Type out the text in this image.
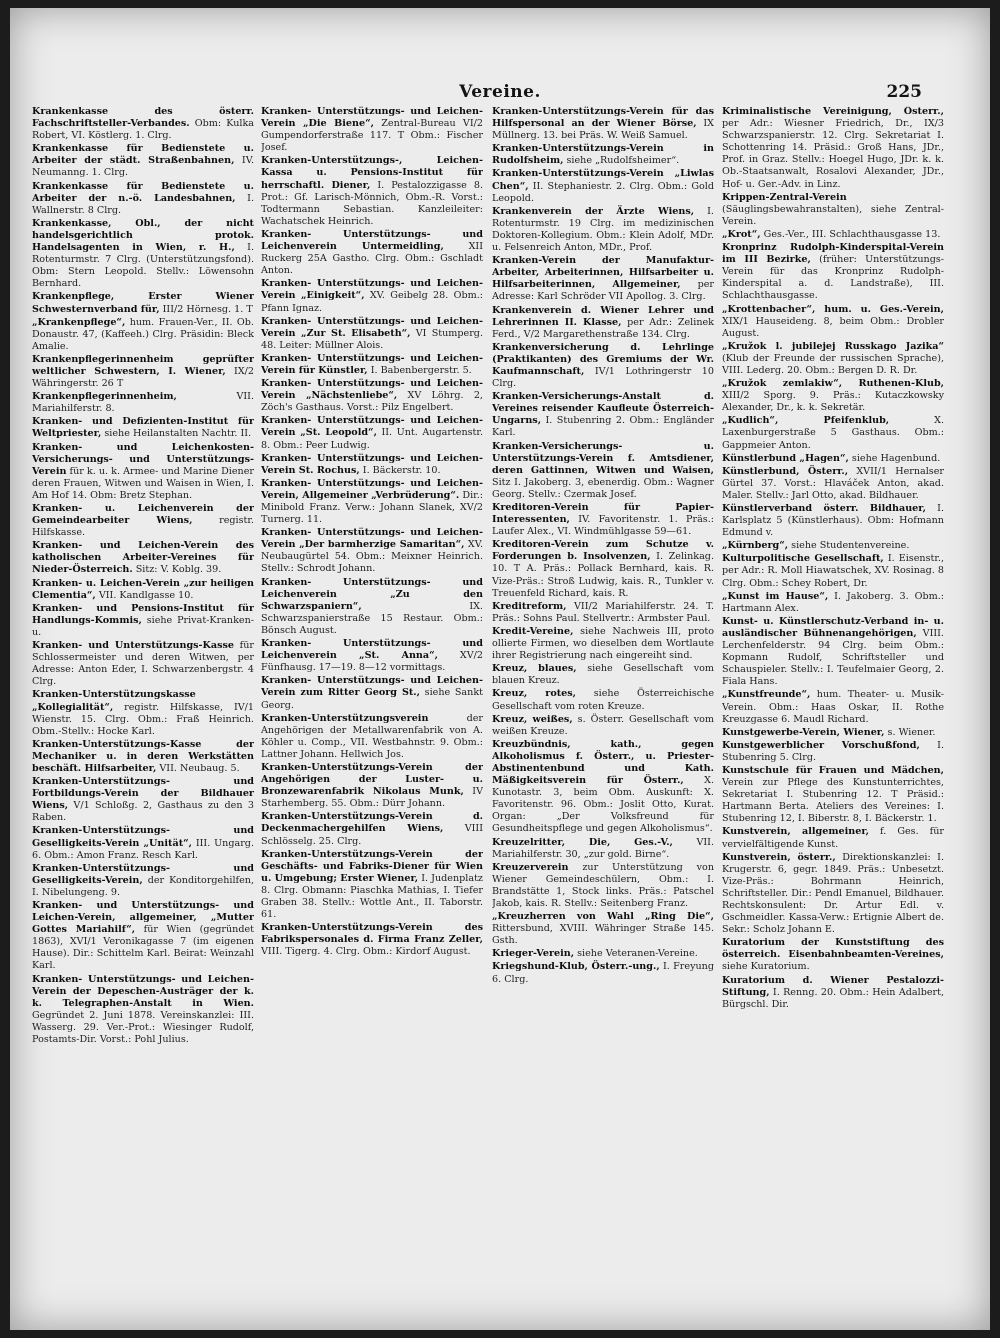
Vereine.	225
Krankenkasse des österr. Fachschriftsteller-Verbandes. Obm: Kulka Robert, VI. Köstlerg. 1. Clrg.
Krankenkasse für Bedienstete u. Arbeiter der städt. Straßenbahnen, IV. Neumanng. 1. Clrg.
Krankenkasse für Bedienstete u. Arbeiter der n.-ö. Landesbahnen, I. Wallnerstr. 8 Clrg.
Krankenkasse, Obl., der nicht handelsgerichtlich protok. Handelsagenten in Wien, r. H., I. Rotenturmstr. 7 Clrg. (Unterstützungsfond). Obm: Stern Leopold. Stellv.: Löwensohn Bernhard.
Krankenpflege, Erster Wiener Schwesternverband für, III/2 Hörnesg. 1. T
„Krankenpflege“, hum. Frauen-Ver., II. Ob. Donaustr. 47, (Kaffeeh.) Clrg. Präsidin: Bleck Amalie.
Krankenpflegerinnenheim geprüfter weltlicher Schwestern, I. Wiener, IX/2 Währingerstr. 26 T
Krankenpflegerinnenheim, VII. Mariahilferstr. 8.
Kranken- und Defizienten-Institut für Weltpriester, siehe Heilanstalten Nachtr. II.
Kranken- und Leichenkosten-Versicherungs- und Unterstützungs-Verein für k. u. k. Armee- und Marine Diener deren Frauen, Witwen und Waisen in Wien, I. Am Hof 14. Obm: Bretz Stephan.
Kranken- u. Leichenverein der Gemeindearbeiter Wiens, registr. Hilfskasse.
Kranken- und Leichen-Verein des katholischen Arbeiter-Vereines für Nieder-Österreich. Sitz: V. Koblg. 39.
Kranken- u. Leichen-Verein „zur heiligen Clementia“, VII. Kandlgasse 10.
Kranken- und Pensions-Institut für Handlungs-Kommis, siehe Privat-Kranken- u.
Kranken- und Unterstützungs-Kasse für Schlossermeister und deren Witwen, per Adresse: Anton Eder, I. Schwarzenbergstr. 4 Clrg.
Kranken-Unterstützungskasse „Kollegialität“, registr. Hilfskasse, IV/1 Wienstr. 15. Clrg. Obm.: Fraß Heinrich. Obm.-Stellv.: Hocke Karl.
Kranken-Unterstützungs-Kasse der Mechaniker u. in deren Werkstätten beschäft. Hilfsarbeiter, VII. Neubaug. 5.
Kranken-Unterstützungs- und Fortbildungs-Verein der Bildhauer Wiens, V/1 Schloßg. 2, Gasthaus zu den 3 Raben.
Kranken-Unterstützungs- und Geselligkeits-Verein „Unität“, III. Ungarg. 6. Obm.: Amon Franz. Resch Karl.
Kranken-Unterstützungs- und Geselligkeits-Verein, der Konditorgehilfen, I. Nibelungeng. 9.
Kranken- und Unterstützungs- und Leichen-Verein, allgemeiner, „Mutter Gottes Mariahilf“, für Wien (gegründet 1863), XVI/1 Veronikagasse 7 (im eigenen Hause). Dir.: Schittelm Karl. Beirat: Weinzahl Karl.
Kranken- Unterstützungs- und Leichen-Verein der Depeschen-Austräger der k. k. Telegraphen-Anstalt in Wien. Gegründet 2. Juni 1878. Vereinskanzlei: III. Wasserg. 29. Ver.-Prot.: Wiesinger Rudolf, Postamts-Dir. Vorst.: Pohl Julius.
Kranken- Unterstützungs- und Leichen-Verein „Die Biene“, Zentral-Bureau VI/2 Gumpendorferstraße 117. T Obm.: Fischer Josef.
Kranken-Unterstützungs-, Leichen-Kassa u. Pensions-Institut für herrschaftl. Diener, I. Pestalozzigasse 8. Prot.: Gf. Larisch-Mönnich, Obm.-R. Vorst.: Todtermann Sebastian. Kanzleileiter: Wachatschek Heinrich.
Kranken- Unterstützungs- und Leichenverein Untermeidling, XII Ruckerg 25A Gastho. Clrg. Obm.: Gschladt Anton.
Kranken- Unterstützungs- und Leichen-Verein „Einigkeit“, XV. Geibelg 28. Obm.: Pfann Ignaz.
Kranken- Unterstützungs- und Leichen-Verein „Zur St. Elisabeth“, VI Stumperg. 48. Leiter: Müllner Alois.
Kranken- Unterstützungs- und Leichen-Verein für Künstler, I. Babenbergerstr. 5.
Kranken- Unterstützungs- und Leichen-Verein „Nächstenliebe“, XV Löhrg. 2, Zöch's Gasthaus. Vorst.: Pilz Engelbert.
Kranken- Unterstützungs- und Leichen-Verein „St. Leopold“, II. Unt. Augartenstr. 8. Obm.: Peer Ludwig.
Kranken- Unterstützungs- und Leichen-Verein St. Rochus, I. Bäckerstr. 10.
Kranken- Unterstützungs- und Leichen-Verein, Allgemeiner „Verbrüderung“. Dir.: Minibold Franz. Verw.: Johann Slanek, XV/2 Turnerg. 11.
Kranken- Unterstützungs- und Leichen-Verein „Der barmherzige Samaritan“, XV. Neubaugürtel 54. Obm.: Meixner Heinrich. Stellv.: Schrodt Johann.
Kranken- Unterstützungs- und Leichenverein „Zu den Schwarzspaniern“, IX. Schwarzspanierstraße 15 Restaur. Obm.: Bönsch August.
Kranken- Unterstützungs- und Leichenverein „St. Anna“, XV/2 Fünfhausg. 17—19. 8—12 vormittags.
Kranken- Unterstützungs- und Leichen-Verein zum Ritter Georg St., siehe Sankt Georg.
Kranken-Unterstützungsverein der Angehörigen der Metallwarenfabrik von A. Köhler u. Comp., VII. Westbahnstr. 9. Obm.: Lattner Johann. Hellwich Jos.
Kranken-Unterstützungs-Verein der Angehörigen der Luster- u. Bronzewarenfabrik Nikolaus Munk, IV Starhemberg. 55. Obm.: Dürr Johann.
Kranken-Unterstützungs-Verein d. Deckenmachergehilfen Wiens, VIII Schlösselg. 25. Clrg.
Kranken-Unterstützungs-Verein der Geschäfts- und Fabriks-Diener für Wien u. Umgebung; Erster Wiener, I. Judenplatz 8. Clrg. Obmann: Piaschka Mathias, I. Tiefer Graben 38. Stellv.: Wottle Ant., II. Taborstr. 61.
Kranken-Unterstützungs-Verein des Fabrikspersonales d. Firma Franz Zeller, VIII. Tigerg. 4. Clrg. Obm.: Kirdorf August.
Kranken-Unterstützungs-Verein für das Hilfspersonal an der Wiener Börse, IX Müllnerg. 13. bei Präs. W. Weiß Samuel.
Kranken-Unterstützungs-Verein in Rudolfsheim, siehe „Rudolfsheimer“.
Kranken-Unterstützungs-Verein „Liwlas Chen“, II. Stephaniestr. 2. Clrg. Obm.: Gold Leopold.
Krankenverein der Ärzte Wiens, I. Rotenturmstr. 19 Clrg. im medizinischen Doktoren-Kollegium. Obm.: Klein Adolf, MDr. u. Felsenreich Anton, MDr., Prof.
Kranken-Verein der Manufaktur-Arbeiter, Arbeiterinnen, Hilfsarbeiter u. Hilfsarbeiterinnen, Allgemeiner, per Adresse: Karl Schröder VII Apollog. 3. Clrg.
Krankenverein d. Wiener Lehrer und Lehrerinnen II. Klasse, per Adr.: Zelinek Ferd., V/2 Margarethenstraße 134. Clrg.
Krankenversicherung d. Lehrlinge (Praktikanten) des Gremiums der Wr. Kaufmannschaft, IV/1 Lothringerstr 10 Clrg.
Kranken-Versicherungs-Anstalt d. Vereines reisender Kaufleute Österreich-Ungarns, I. Stubenring 2. Obm.: Engländer Karl.
Kranken-Versicherungs- u. Unterstützungs-Verein f. Amtsdiener, deren Gattinnen, Witwen und Waisen, Sitz I. Jakoberg. 3, ebenerdig. Obm.: Wagner Georg. Stellv.: Czermak Josef.
Kreditoren-Verein für Papier-Interessenten, IV. Favoritenstr. 1. Präs.: Laufer Alex., VI. Windmühlgasse 59—61.
Kreditoren-Verein zum Schutze v. Forderungen b. Insolvenzen, I. Zelinkag. 10. T A. Präs.: Pollack Bernhard, kais. R. Vize-Präs.: Stroß Ludwig, kais. R., Tunkler v. Treuenfeld Richard, kais. R.
Kreditreform, VII/2 Mariahilferstr. 24. T. Präs.: Sohns Paul. Stellvertr.: Armbster Paul.
Kredit-Vereine, siehe Nachweis III, proto ollierte Firmen, wo dieselben dem Wortlaute ihrer Registrierung nach eingereiht sind.
Kreuz, blaues, siehe Gesellschaft vom blauen Kreuz.
Kreuz, rotes, siehe Österreichische Gesellschaft vom roten Kreuze.
Kreuz, weißes, s. Österr. Gesellschaft vom weißen Kreuze.
Kreuzbündnis, kath., gegen Alkoholismus f. Österr., u. Priester-Abstinentenbund und Kath. Mäßigkeitsverein für Österr., X. Kunotastr. 3, beim Obm. Auskunft: X. Favoritenstr. 96. Obm.: Joslit Otto, Kurat. Organ: „Der Volksfreund für Gesundheitspflege und gegen Alkoholismus“.
Kreuzelritter, Die, Ges.-V., VII. Mariahilferstr. 30, „zur gold. Birne“.
Kreuzerverein zur Unterstützung von Wiener Gemeindeschülern, Obm.: I. Brandstätte 1, Stock links. Präs.: Patschel Jakob, kais. R. Stellv.: Seitenberg Franz.
„Kreuzherren von Wahl „Ring Die“, Rittersbund, XVIII. Währinger Straße 145. Gsth.
Krieger-Verein, siehe Veteranen-Vereine.
Kriegshund-Klub, Österr.-ung., I. Freyung 6. Clrg.
Kriminalistische Vereinigung, Österr., per Adr.: Wiesner Friedrich, Dr., IX/3 Schwarzspanierstr. 12. Clrg. Sekretariat I. Schottenring 14. Präsid.: Groß Hans, JDr., Prof. in Graz. Stellv.: Hoegel Hugo, JDr. k. k. Ob.-Staatsanwalt, Rosalovi Alexander, JDr., Hof- u. Ger.-Adv. in Linz.
Krippen-Zentral-Verein (Säuglingsbewahranstalten), siehe Zentral-Verein.
„Krot“, Ges.-Ver., III. Schlachthausgasse 13.
Kronprinz Rudolph-Kinderspital-Verein im III Bezirke, (früher: Unterstützungs-Verein für das Kronprinz Rudolph-Kinderspital a. d. Landstraße), III. Schlachthausgasse.
„Krottenbacher“, hum. u. Ges.-Verein, XIX/1 Hauseideng. 8, beim Obm.: Drobler August.
„Kružok l. jubilejej Russkago Jazika“ (Klub der Freunde der russischen Sprache), VIII. Lederg. 20. Obm.: Bergen D. R. Dr.
„Kružok zemlakiw“, Ruthenen-Klub, XIII/2 Sporg. 9. Präs.: Kutaczkowsky Alexander, Dr., k. k. Sekretär.
„Kudlich“, Pfeifenklub, X. Laxenburgerstraße 5 Gasthaus. Obm.: Gappmeier Anton.
Künstlerbund „Hagen“, siehe Hagenbund.
Künstlerbund, Österr., XVII/1 Hernalser Gürtel 37. Vorst.: Hlaváček Anton, akad. Maler. Stellv.: Jarl Otto, akad. Bildhauer.
Künstlerverband österr. Bildhauer, I. Karlsplatz 5 (Künstlerhaus). Obm: Hofmann Edmund v.
„Kürnberg“, siehe Studentenvereine.
Kulturpolitische Gesellschaft, I. Eisenstr., per Adr.: R. Moll Hiawatschek, XV. Rosinag. 8 Clrg. Obm.: Schey Robert, Dr.
„Kunst im Hause“, I. Jakoberg. 3. Obm.: Hartmann Alex.
Kunst- u. Künstlerschutz-Verband in- u. ausländischer Bühnenangehörigen, VIII. Lerchenfelderstr. 94 Clrg. beim Obm.: Kopmann Rudolf, Schriftsteller und Schauspieler. Stellv.: I. Teufelmaier Georg, 2. Fiala Hans.
„Kunstfreunde“, hum. Theater- u. Musik-Verein. Obm.: Haas Oskar, II. Rothe Kreuzgasse 6. Maudl Richard.
Kunstgewerbe-Verein, Wiener, s. Wiener.
Kunstgewerblicher Vorschußfond, I. Stubenring 5. Clrg.
Kunstschule für Frauen und Mädchen, Verein zur Pflege des Kunstunterrichtes, Sekretariat I. Stubenring 12. T Präsid.: Hartmann Berta. Ateliers des Vereines: I. Stubenring 12, I. Biberstr. 8, I. Bäckerstr. 1.
Kunstverein, allgemeiner, f. Ges. für vervielfältigende Kunst.
Kunstverein, österr., Direktionskanzlei: I. Krugerstr. 6, gegr. 1849. Präs.: Unbesetzt. Vize-Präs.: Bohrmann Heinrich, Schriftsteller. Dir.: Pendl Emanuel, Bildhauer. Rechtskonsulent: Dr. Artur Edl. v. Gschmeidler. Kassa-Verw.: Ertignie Albert de. Sekr.: Scholz Johann E.
Kuratorium der Kunststiftung des österreich. Eisenbahnbeamten-Vereines, siehe Kuratorium.
Kuratorium d. Wiener Pestalozzi-Stiftung, I. Renng. 20. Obm.: Hein Adalbert, Bürgschl. Dir.
